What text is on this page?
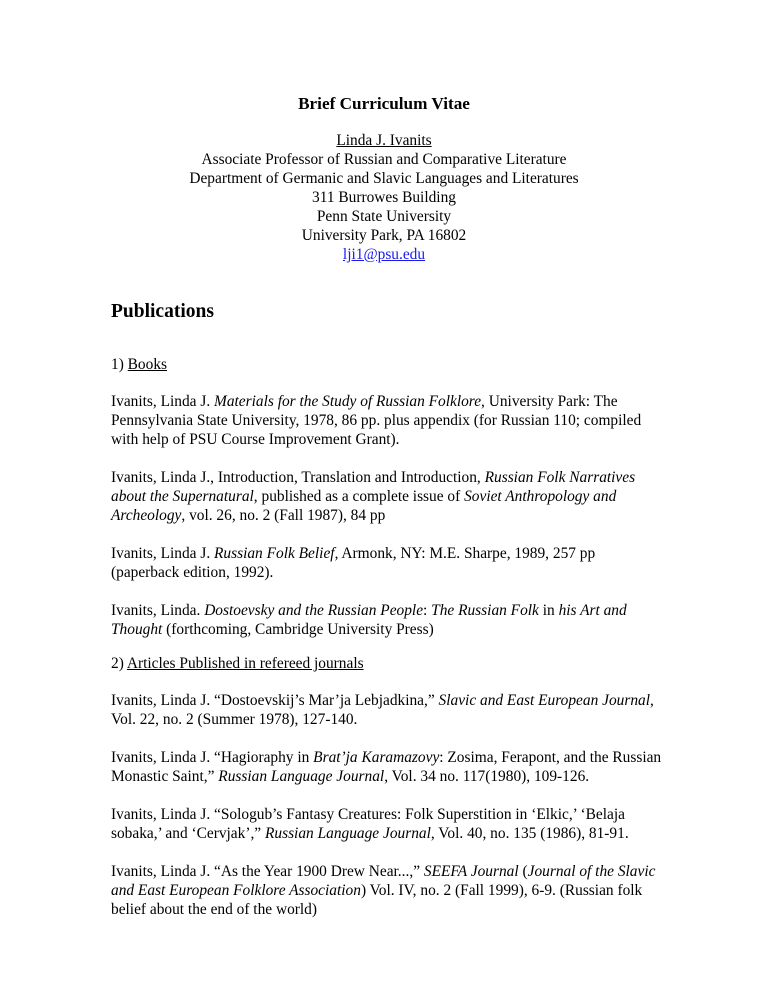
Brief Curriculum Vitae
Linda J. Ivanits
Associate Professor of Russian and Comparative Literature
Department of Germanic and Slavic Languages and Literatures
311 Burrowes Building
Penn State University
University Park, PA 16802
lji1@psu.edu
Publications

1) Books

Ivanits, Linda J. Materials for the Study of Russian Folklore, University Park: The Pennsylvania State University, 1978, 86 pp. plus appendix (for Russian 110; compiled with help of PSU Course Improvement Grant).

Ivanits, Linda J., Introduction, Translation and Introduction, Russian Folk Narratives about the Supernatural, published as a complete issue of Soviet Anthropology and Archeology, vol. 26, no. 2 (Fall 1987), 84 pp

Ivanits, Linda J. Russian Folk Belief, Armonk, NY: M.E. Sharpe, 1989, 257 pp (paperback edition, 1992).

Ivanits, Linda. Dostoevsky and the Russian People: The Russian Folk in his Art and Thought (forthcoming, Cambridge University Press)

2) Articles Published in refereed journals

Ivanits, Linda J. “Dostoevskij’s Mar’ja Lebjadkina,” Slavic and East European Journal, Vol. 22, no. 2 (Summer 1978), 127-140.

Ivanits, Linda J. “Hagioraphy in Brat’ja Karamazovy: Zosima, Ferapont, and the Russian Monastic Saint,” Russian Language Journal, Vol. 34 no. 117(1980), 109-126.

Ivanits, Linda J. “Sologub’s Fantasy Creatures: Folk Superstition in ‘Elkic,’ ‘Belaja sobaka,’ and ‘Cervjak’,” Russian Language Journal, Vol. 40, no. 135 (1986), 81-91.

Ivanits, Linda J. “As the Year 1900 Drew Near...,” SEEFA Journal (Journal of the Slavic and East European Folklore Association) Vol. IV, no. 2 (Fall 1999), 6-9. (Russian folk belief about the end of the world)
